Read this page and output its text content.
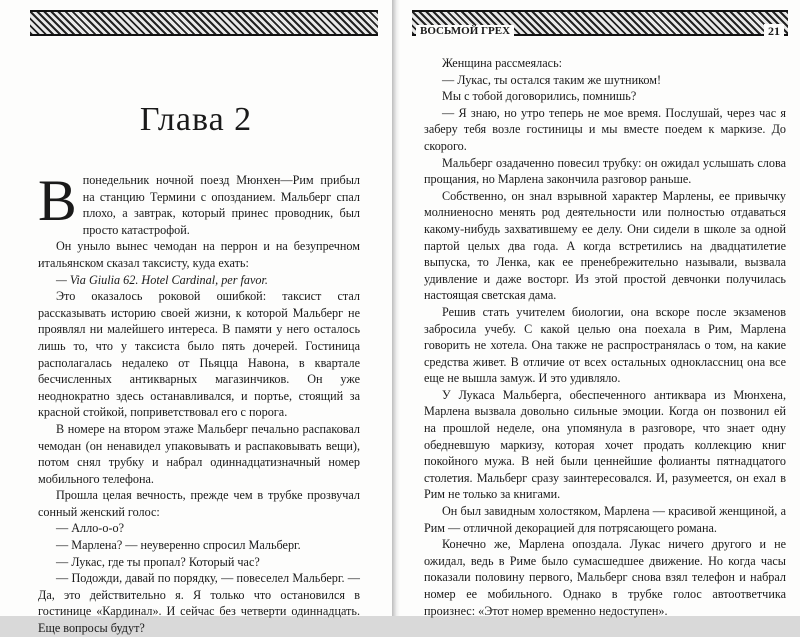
Глава 2
В понедельник ночной поезд Мюнхен—Рим прибыл на станцию Термини с опозданием. Мальберг спал плохо, а завтрак, который принес проводник, был просто катастрофой.

Он уныло вынес чемодан на перрон и на безупречном итальянском сказал таксисту, куда ехать:

— Via Giulia 62. Hotel Cardinal, per favor.

Это оказалось роковой ошибкой: таксист стал рассказывать историю своей жизни, к которой Мальберг не проявлял ни малейшего интереса. В памяти у него осталось лишь то, что у таксиста было пять дочерей. Гостиница располагалась недалеко от Пьяцца Навона, в квартале бесчисленных антикварных магазинчиков. Он уже неоднократно здесь останавливался, и портье, стоящий за красной стойкой, поприветствовал его с порога.

В номере на втором этаже Мальберг печально распаковал чемодан (он ненавидел упаковывать и распаковывать вещи), потом снял трубку и набрал одиннадцатизначный номер мобильного телефона.

Прошла целая вечность, прежде чем в трубке прозвучал сонный женский голос:

— Алло-о-о?

— Марлена? — неуверенно спросил Мальберг.

— Лукас, где ты пропал? Который час?

— Подожди, давай по порядку, — повеселел Мальберг. — Да, это действительно я. Я только что остановился в гостинице «Кардинал». И сейчас без четверти одиннадцать. Еще вопросы будут?

ВОСЬМОЙ ГРЕХ	21

Женщина рассмеялась:

— Лукас, ты остался таким же шутником!

Мы с тобой договорились, помнишь?

— Я знаю, но утро теперь не мое время. Послушай, через час я заберу тебя возле гостиницы и мы вместе поедем к маркизе. До скорого.

Мальберг озадаченно повесил трубку: он ожидал услышать слова прощания, но Марлена закончила разговор раньше.

Собственно, он знал взрывной характер Марлены, ее привычку молниеносно менять род деятельности или полностью отдаваться какому-нибудь захватившему ее делу. Они сидели в школе за одной партой целых два года. А когда встретились на двадцатилетие выпуска, то Ленка, как ее пренебрежительно называли, вызвала удивление и даже восторг. Из этой простой девчонки получилась настоящая светская дама.

Решив стать учителем биологии, она вскоре после экзаменов забросила учебу. С какой целью она поехала в Рим, Марлена говорить не хотела. Она также не распространялась о том, на какие средства живет. В отличие от всех остальных одноклассниц она все еще не вышла замуж. И это удивляло.

У Лукаса Мальберга, обеспеченного антиквара из Мюнхена, Марлена вызвала довольно сильные эмоции. Когда он позвонил ей на прошлой неделе, она упомянула в разговоре, что знает одну обедневшую маркизу, которая хочет продать коллекцию книг покойного мужа. В ней были ценнейшие фолианты пятнадцатого столетия. Мальберг сразу заинтересовался. И, разумеется, он ехал в Рим не только за книгами.

Он был завидным холостяком, Марлена — красивой женщиной, а Рим — отличной декорацией для потрясающего романа.

Конечно же, Марлена опоздала. Лукас ничего другого и не ожидал, ведь в Риме было сумасшедшее движение. Но когда часы показали половину первого, Мальберг снова взял телефон и набрал номер ее мобильного. Однако в трубке голос автоответчика произнес: «Этот номер временно недоступен».
